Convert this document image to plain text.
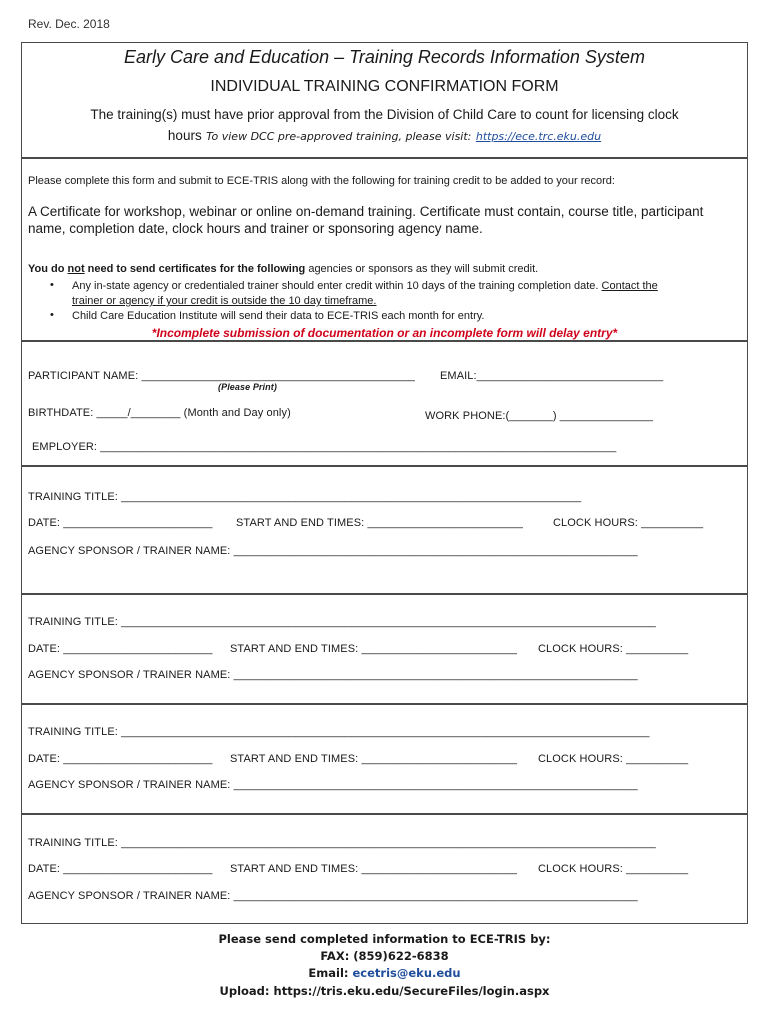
Rev. Dec. 2018
Early Care and Education – Training Records Information System
INDIVIDUAL TRAINING CONFIRMATION FORM
The training(s) must have prior approval from the Division of Child Care to count for licensing clock
hours To view DCC pre-approved training, please visit: https://ece.trc.eku.edu
Please complete this form and submit to ECE-TRIS along with the following for training credit to be added to your record:
A Certificate for workshop, webinar or online on-demand training. Certificate must contain, course title, participant
name, completion date, clock hours and trainer or sponsoring agency name.
You do not need to send certificates for the following agencies or sponsors as they will submit credit.
• Any in-state agency or credentialed trainer should enter credit within 10 days of the training completion date. Contact the
trainer or agency if your credit is outside the 10 day timeframe.
• Child Care Education Institute will send their data to ECE-TRIS each month for entry.
*Incomplete submission of documentation or an incomplete form will delay entry*
PARTICIPANT NAME: ____________________________________________ EMAIL:______________________________
(Please Print)
BIRTHDATE: _____/________ (Month and Day only)	WORK PHONE:(_______) _______________
EMPLOYER: ___________________________________________________________________________________
TRAINING TITLE: __________________________________________________________________________
DATE: ________________________ START AND END TIMES: _________________________	CLOCK HOURS: __________
AGENCY SPONSOR / TRAINER NAME: _________________________________________________________________
TRAINING TITLE: ______________________________________________________________________________________
DATE: ________________________ START AND END TIMES: _________________________ CLOCK HOURS: __________
AGENCY SPONSOR / TRAINER NAME: _________________________________________________________________
TRAINING TITLE: _____________________________________________________________________________________
DATE: ________________________ START AND END TIMES: _________________________ CLOCK HOURS: __________
AGENCY SPONSOR / TRAINER NAME: _________________________________________________________________
TRAINING TITLE: ______________________________________________________________________________________
DATE: ________________________ START AND END TIMES: _________________________ CLOCK HOURS: __________
AGENCY SPONSOR / TRAINER NAME: _________________________________________________________________
Please send completed information to ECE-TRIS by:
FAX: (859)622-6838
Email: ecetris@eku.edu
Upload: https://tris.eku.edu/SecureFiles/login.aspx
